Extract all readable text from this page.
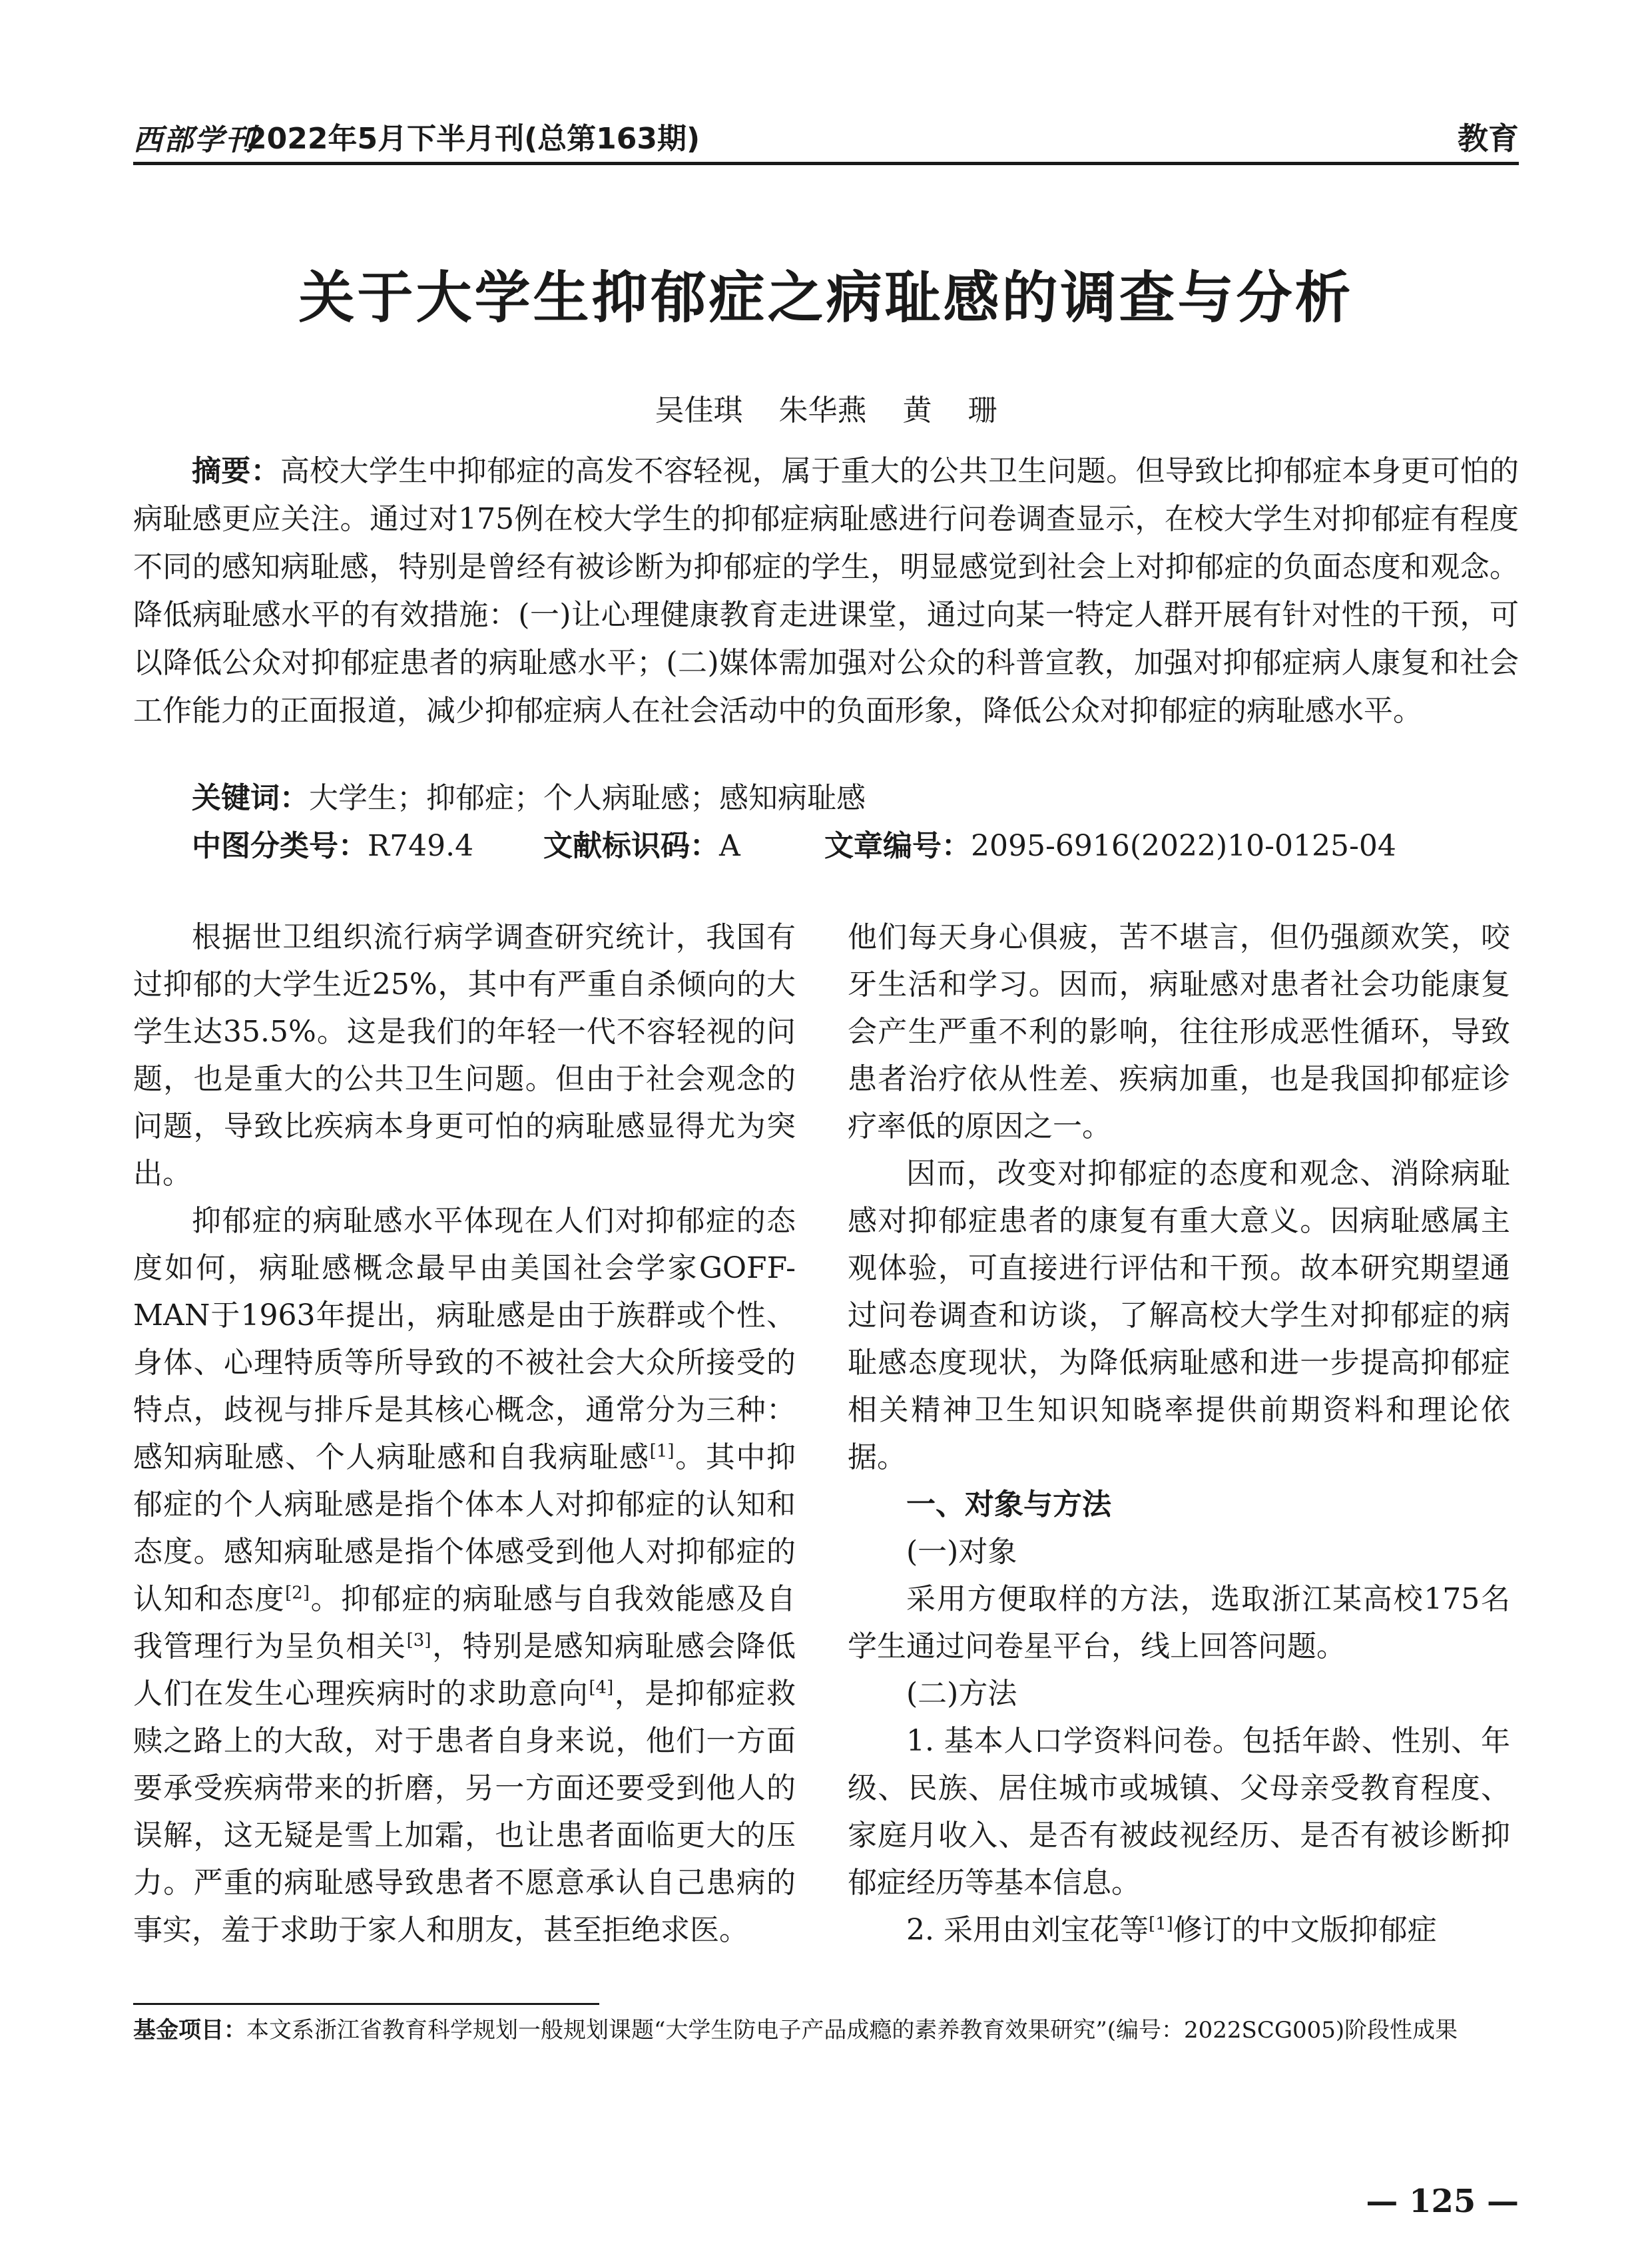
西部学刊
2022年5月下半月刊(总第163期)	教育
关于大学生抑郁症之病耻感的调查与分析
吴佳琪 朱华燕 黄 珊

摘要：高校大学生中抑郁症的高发不容轻视，属于重大的公共卫生问题。但导致比抑郁症本身更可怕的病耻感更应关注。通过对175例在校大学生的抑郁症病耻感进行问卷调查显示，在校大学生对抑郁症有程度不同的感知病耻感，特别是曾经有被诊断为抑郁症的学生，明显感觉到社会上对抑郁症的负面态度和观念。降低病耻感水平的有效措施：(一)让心理健康教育走进课堂，通过向某一特定人群开展有针对性的干预，可以降低公众对抑郁症患者的病耻感水平；(二)媒体需加强对公众的科普宣教，加强对抑郁症病人康复和社会工作能力的正面报道，减少抑郁症病人在社会活动中的负面形象，降低公众对抑郁症的病耻感水平。

关键词：大学生；抑郁症；个人病耻感；感知病耻感

中图分类号：R749.4 文献标识码：A	文章编号：2095-6916(2022)10-0125-04

根据世卫组织流行病学调查研究统计，我国有过抑郁的大学生近25%，其中有严重自杀倾向的大学生达35.5%。这是我们的年轻一代不容轻视的问题，也是重大的公共卫生问题。但由于社会观念的问题，导致比疾病本身更可怕的病耻感显得尤为突出。

抑郁症的病耻感水平体现在人们对抑郁症的态度如何，病耻感概念最早由美国社会学家GOFF-MAN于1963年提出，病耻感是由于族群或个性、身体、心理特质等所导致的不被社会大众所接受的特点，歧视与排斥是其核心概念，通常分为三种：感知病耻感、个人病耻感和自我病耻感[1]。其中抑郁症的个人病耻感是指个体本人对抑郁症的认知和态度。感知病耻感是指个体感受到他人对抑郁症的认知和态度[2]。抑郁症的病耻感与自我效能感及自我管理行为呈负相关[3]，特别是感知病耻感会降低人们在发生心理疾病时的求助意向[4]，是抑郁症救赎之路上的大敌，对于患者自身来说，他们一方面要承受疾病带来的折磨，另一方面还要受到他人的误解，这无疑是雪上加霜，也让患者面临更大的压力。严重的病耻感导致患者不愿意承认自己患病的事实，羞于求助于家人和朋友，甚至拒绝求医。

他们每天身心俱疲，苦不堪言，但仍强颜欢笑，咬牙生活和学习。因而，病耻感对患者社会功能康复会产生严重不利的影响，往往形成恶性循环，导致患者治疗依从性差、疾病加重，也是我国抑郁症诊疗率低的原因之一。

因而，改变对抑郁症的态度和观念、消除病耻感对抑郁症患者的康复有重大意义。因病耻感属主观体验，可直接进行评估和干预。故本研究期望通过问卷调查和访谈，了解高校大学生对抑郁症的病耻感态度现状，为降低病耻感和进一步提高抑郁症相关精神卫生知识知晓率提供前期资料和理论依据。

一、对象与方法

(一)对象

采用方便取样的方法，选取浙江某高校175名学生通过问卷星平台，线上回答问题。

(二)方法

1. 基本人口学资料问卷。包括年龄、性别、年级、民族、居住城市或城镇、父母亲受教育程度、家庭月收入、是否有被歧视经历、是否有被诊断抑郁症经历等基本信息。

2. 采用由刘宝花等[1]修订的中文版抑郁症

基金项目：本文系浙江省教育科学规划一般规划课题“大学生防电子产品成瘾的素养教育效果研究”(编号：2022SCG005)阶段性成果

— 125 —
